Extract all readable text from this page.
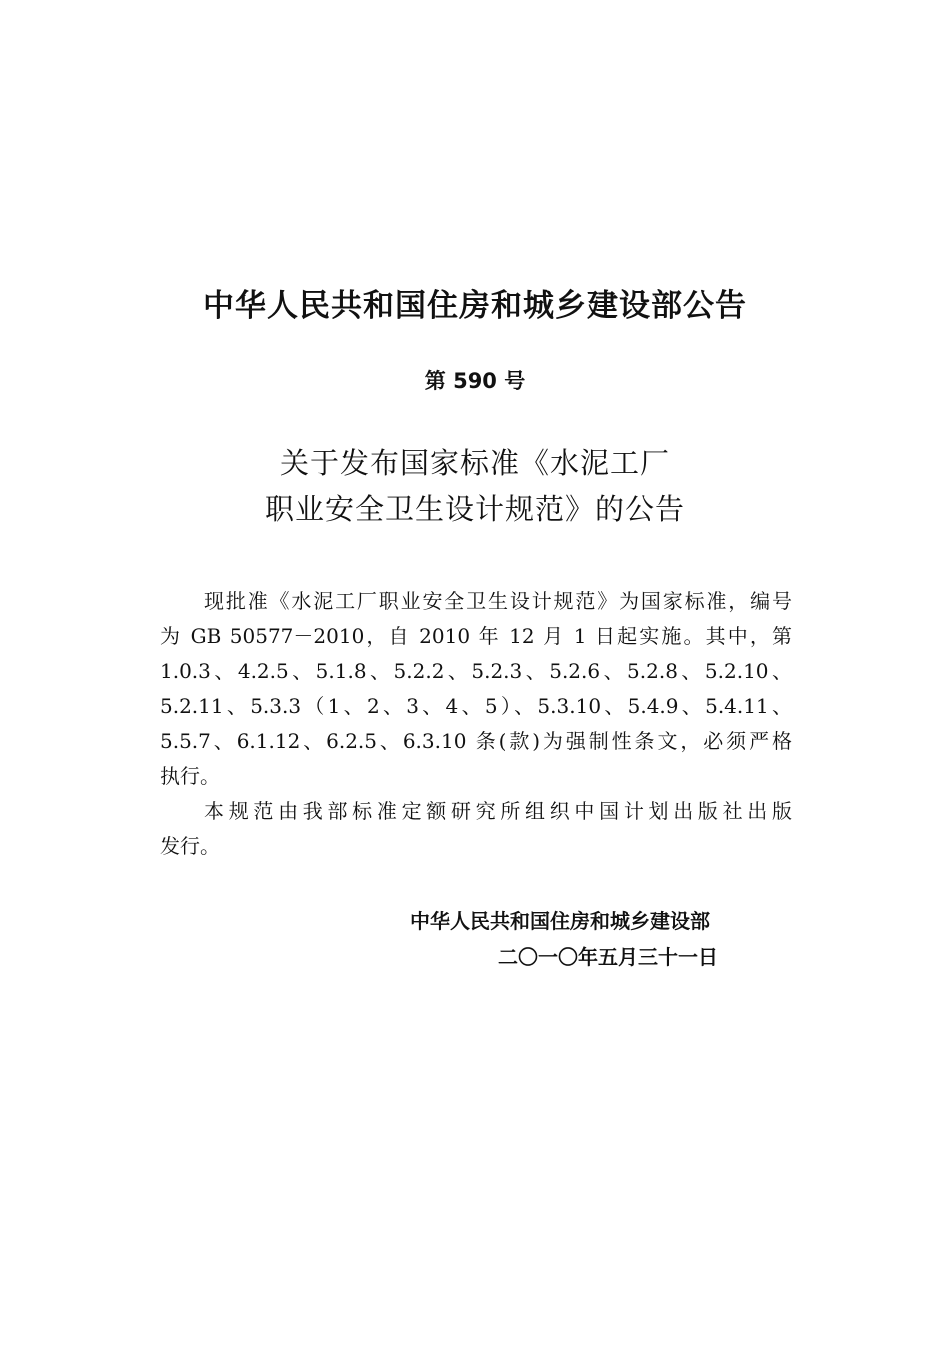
中华人民共和国住房和城乡建设部公告
第 590 号
关于发布国家标准《水泥工厂
职业安全卫生设计规范》的公告
现批准《水泥工厂职业安全卫生设计规范》为国家标准，编号
为 GB 50577－2010，自 2010 年 12 月 1 日起实施。其中，第
1.0.3、4.2.5、5.1.8、5.2.2、5.2.3、5.2.6、5.2.8、5.2.10、
5.2.11、5.3.3（1、2、3、4、5）、5.3.10、5.4.9、5.4.11、
5.5.7、6.1.12、6.2.5、6.3.10 条(款)为强制性条文，必须严格
执行。
本规范由我部标准定额研究所组织中国计划出版社出版
发行。
中华人民共和国住房和城乡建设部
二〇一〇年五月三十一日
